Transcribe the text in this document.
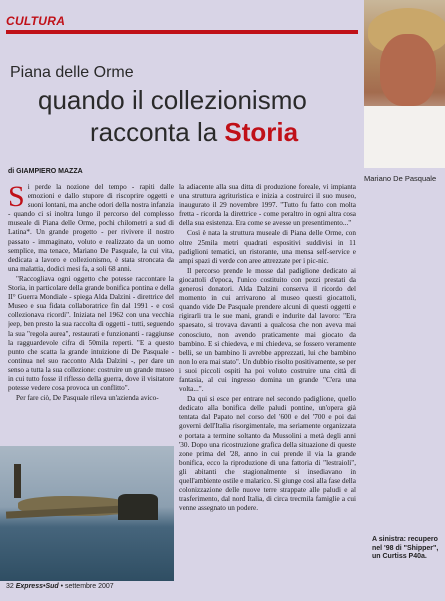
CULTURA
Mariano De Pasquale
Piana delle Orme
quando il collezionismo
racconta la Storia
di GIAMPIERO MAZZA

Si perde la nozione del tempo - rapiti dalle emozioni e dallo stupore di riscoprire oggetti e suoni lontani, ma anche odori della nostra infanzia - quando ci si inoltra lungo il percorso del complesso museale di Piana delle Orme, pochi chilometri a sud di Latina*. Un grande progetto - per rivivere il nostro passato - immaginato, voluto e realizzato da un uomo semplice, ma tenace, Mariano De Pasquale, la cui vita, dedicata a lavoro e collezionismo, è stata stroncata da una malattia, dodici mesi fa, a soli 68 anni.

"Raccogliava ogni oggetto che potesse raccontare la Storia, in particolare della grande bonifica pontina e della II° Guerra Mondiale - spiega Alda Dalzini - direttrice del Museo e sua fidata collaboratrice fin dal 1991 - e così collezionava ricordi". Iniziata nel 1962 con una vecchia jeep, ben presto la sua raccolta di oggetti - tutti, seguendo la sua "regola aurea", restaurati e funzionanti - raggiunse la ragguardevole cifra di 50mila reperti. "E a questo punto che scatta la grande intuizione di De Pasquale - continua nel suo racconto Alda Dalzini -, per dare un senso a tutta la sua collezione: costruire un grande museo in cui tutto fosse il riflesso della guerra, dove il visitatore potesse vedere cosa provoca un conflitto".

Per fare ciò, De Pasquale rileva un'azienda avico-

la adiacente alla sua ditta di produzione foreale, vi impianta una struttura agrituristica e inizia a costruirci il suo museo, inaugurato il 29 novembre 1997. "Tutto fu fatto con molta fretta - ricorda la direttrice - come peraltro in ogni altra cosa della sua esistenza. Era come se avesse un presentimento..."

Così è nata la struttura museale di Piana delle Orme, con oltre 25mila metri quadrati espositivi suddivisi in 11 padiglioni tematici, un ristorante, una mensa self-service e ampi spazi di verde con aree attrezzate per i pic-nic.

Il percorso prende le mosse dal padiglione dedicato ai giocattoli d'epoca, l'unico costituito con pezzi prestati da generosi donatori. Alda Dalzini conserva il ricordo del momento in cui arrivarono al museo questi giocattoli, quando vide De Pasquale prendere alcuni di questi oggetti e rigirarli tra le sue mani, grandi e indurite dal lavoro: "Era spaesato, si trovava davanti a qualcosa che non aveva mai conosciuto, non avendo praticamente mai giocato da bambino. E si chiedeva, e mi chiedeva, se fossero veramente belli, se un bambino li avrebbe apprezzati, lui che bambino non lo era mai stato". Un dubbio risolto positivamente, se per i suoi piccoli ospiti ha poi voluto costruire una città di fantasia, al cui ingresso domina un grande "C'era una volta...".

Da qui si esce per entrare nel secondo padiglione, quello dedicato alla bonifica delle paludi pontine, un'opera già tentata dal Papato nel corso del '600 e del '700 e poi dai governi dell'Italia risorgimentale, ma seriamente organizzata e portata a termine soltanto da Mussolini a metà degli anni '30. Dopo una ricostruzione grafica della situazione di queste zone prima del '28, anno in cui prende il via la grande bonifica, ecco la riproduzione di una fattoria di "lestraioli", gli abitanti che stagionalmente si insediavano in quell'ambiente ostile e malarico. Si giunge così alla fase della colonizzazione delle nuove terre strappate alle paludi e al trasferimento, dal nord Italia, di circa trecmila famiglie a cui venne assegnato un podere.

A sinistra: recupero nel '98 di "Shipper", un Curtiss P40a.
32 Express•Sud • settembre 2007
